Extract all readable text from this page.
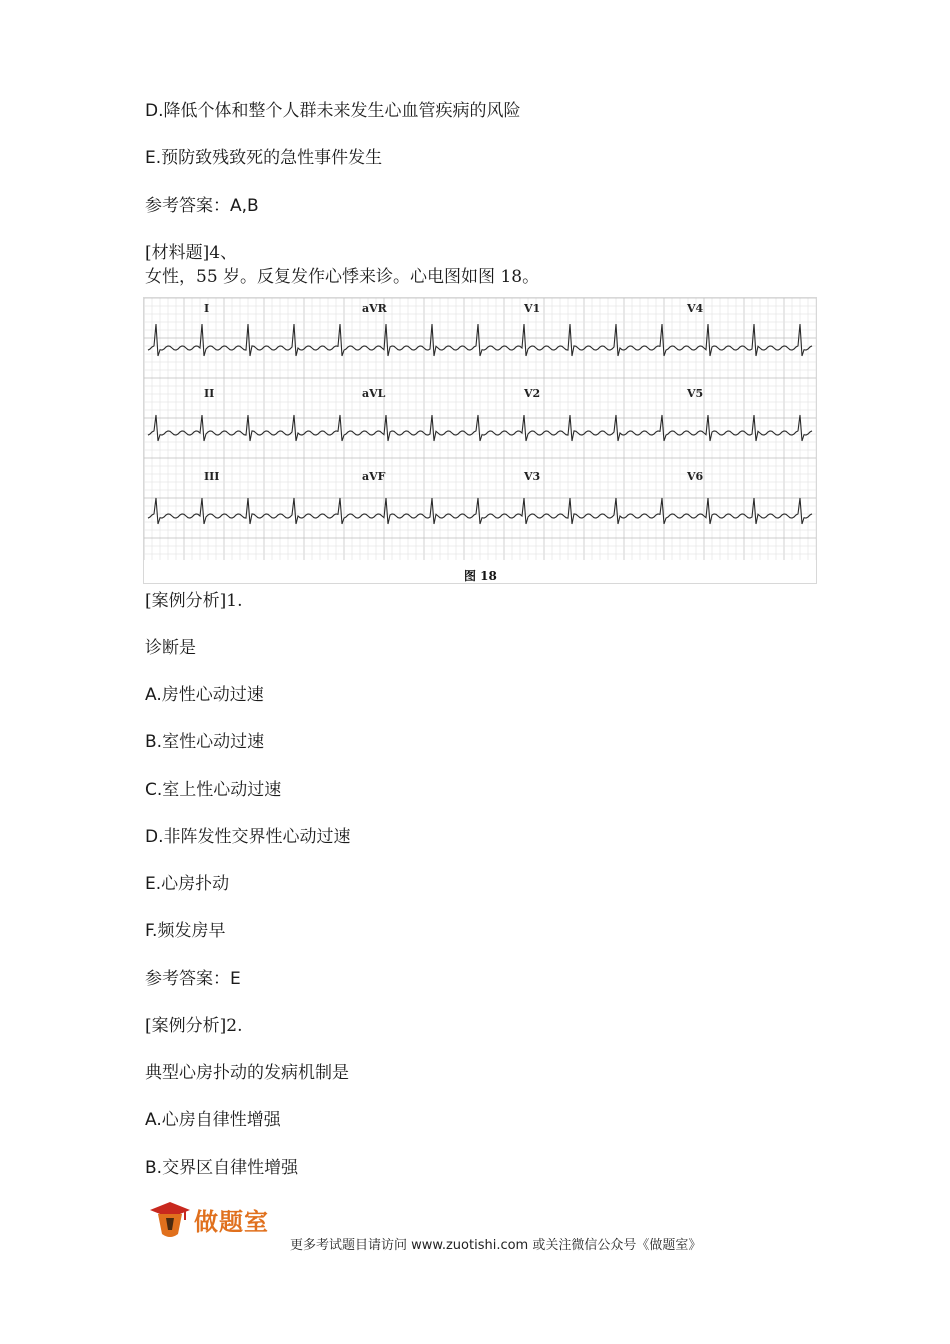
D.降低个体和整个人群未来发生心血管疾病的风险
E.预防致残致死的急性事件发生
参考答案：A,B
[材料题]4、
女性，55 岁。反复发作心悸来诊。心电图如图 18。
I	aVR	V1	V4
II	aVL	V2	V5
III	aVF	V3	V6
图 18
[案例分析]1.
诊断是
A.房性心动过速
B.室性心动过速
C.室上性心动过速
D.非阵发性交界性心动过速
E.心房扑动
F.频发房早
参考答案：E
[案例分析]2.
典型心房扑动的发病机制是
A.心房自律性增强
B.交界区自律性增强
做题室
更多考试题目请访问 www.zuotishi.com 或关注微信公众号《做题室》
